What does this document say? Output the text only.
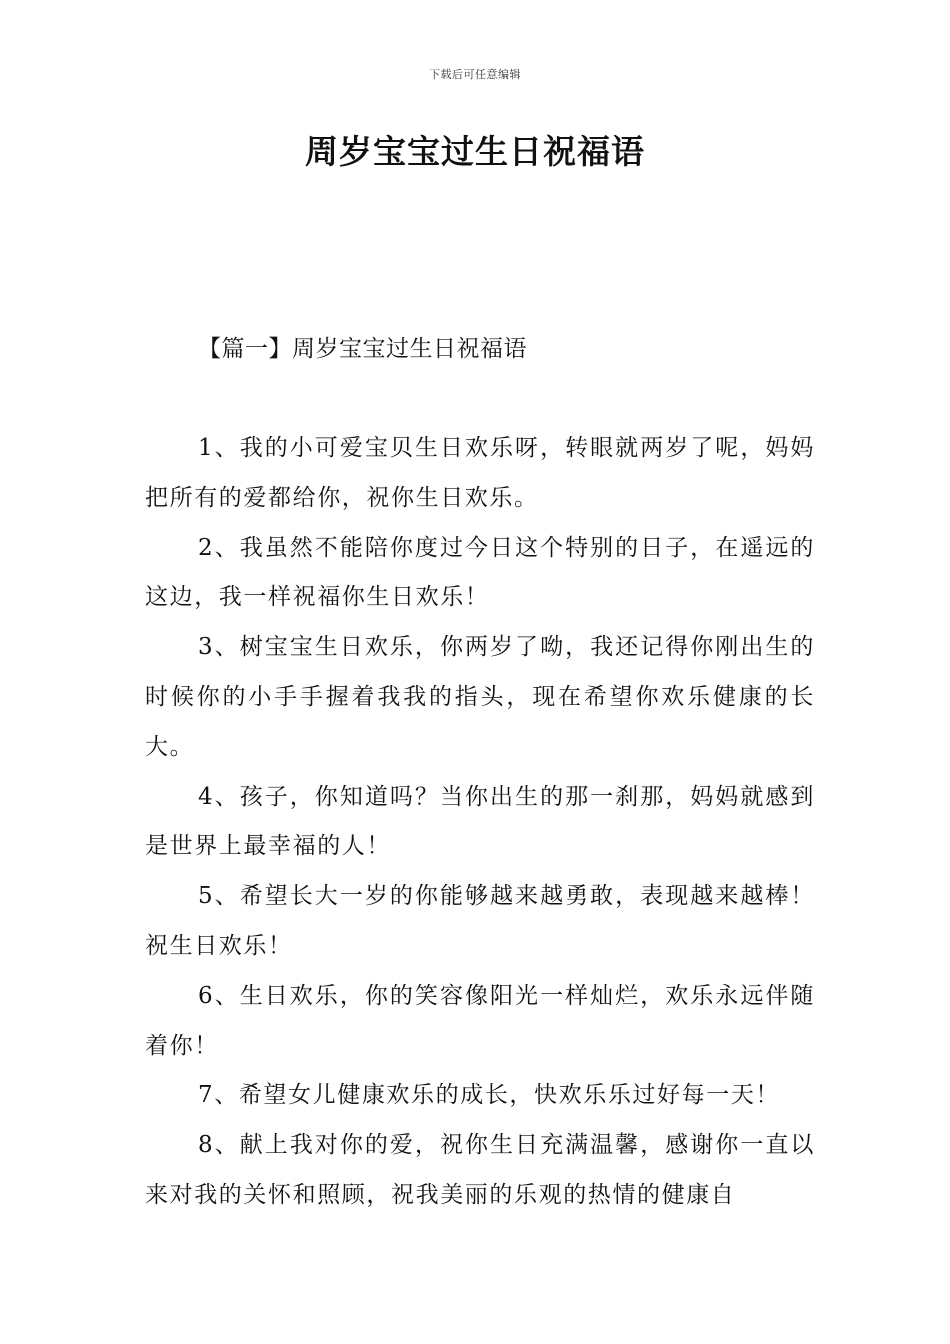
下载后可任意编辑
周岁宝宝过生日祝福语
【篇一】周岁宝宝过生日祝福语

1、我的小可爱宝贝生日欢乐呀，转眼就两岁了呢，妈妈把所有的爱都给你，祝你生日欢乐。

2、我虽然不能陪你度过今日这个特别的日子，在遥远的这边，我一样祝福你生日欢乐！

3、树宝宝生日欢乐，你两岁了呦，我还记得你刚出生的时候你的小手手握着我我的指头，现在希望你欢乐健康的长大。

4、孩子，你知道吗？当你出生的那一刹那，妈妈就感到是世界上最幸福的人！

5、希望长大一岁的你能够越来越勇敢，表现越来越棒！祝生日欢乐！

6、生日欢乐，你的笑容像阳光一样灿烂，欢乐永远伴随着你！

7、希望女儿健康欢乐的成长，快欢乐乐过好每一天！

8、献上我对你的爱，祝你生日充满温馨，感谢你一直以来对我的关怀和照顾，祝我美丽的乐观的热情的健康自
